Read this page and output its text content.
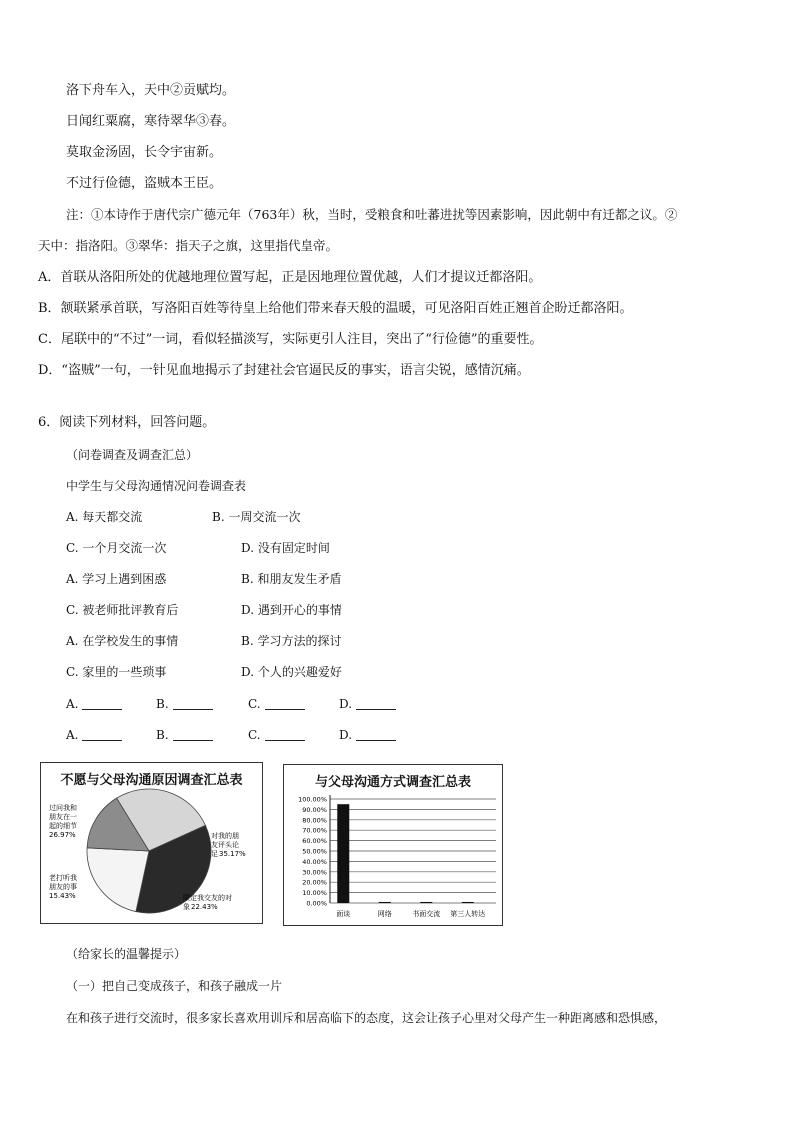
洛下舟车入，天中②贡赋均。
日闻红粟腐，寒待翠华③春。
莫取金汤固，长令宇宙新。
不过行俭德，盗贼本王臣。
注：①本诗作于唐代宗广德元年（763年）秋，当时，受粮食和吐蕃进扰等因素影响，因此朝中有迁都之议。②
天中：指洛阳。③翠华：指天子之旗，这里指代皇帝。
A．首联从洛阳所处的优越地理位置写起，正是因地理位置优越，人们才提议迁都洛阳。
B．颔联紧承首联，写洛阳百姓等待皇上给他们带来春天般的温暖，可见洛阳百姓正翘首企盼迁都洛阳。
C．尾联中的“不过”一词，看似轻描淡写，实际更引人注目，突出了“行俭德”的重要性。
D．“盗贼”一句，一针见血地揭示了封建社会官逼民反的事实，语言尖锐，感情沉痛。
6．阅读下列材料，回答问题。
（问卷调查及调查汇总）
中学生与父母沟通情况问卷调查表
A. 每天都交流	B. 一周交流一次
C. 一个月交流一次	D. 没有固定时间
A. 学习上遇到困惑	B. 和朋友发生矛盾
C. 被老师批评教育后	D. 遇到开心的事情
A. 在学校发生的事情	B. 学习方法的探讨
C. 家里的一些琐事	D. 个人的兴趣爱好
A.	B.	C.	D.
A.	B.	C.	D.
不愿与父母沟通原因调查汇总表
过问我和
朋友在一
起的细节
26.97%	对我的朋
友评头论
足 35.17%
限定我交友的对
象 22.43%
老打听我
朋友的事
15.43%
与父母沟通方式调查汇总表
0.00%
10.00%
20.00%
30.00%
40.00%
50.00%
60.00%
70.00%
80.00%
90.00%
100.00%
面谈	网络	书面交流 第三人转达
（给家长的温馨提示）
（一）把自己变成孩子，和孩子融成一片
在和孩子进行交流时，很多家长喜欢用训斥和居高临下的态度，这会让孩子心里对父母产生一种距离感和恐惧感，
